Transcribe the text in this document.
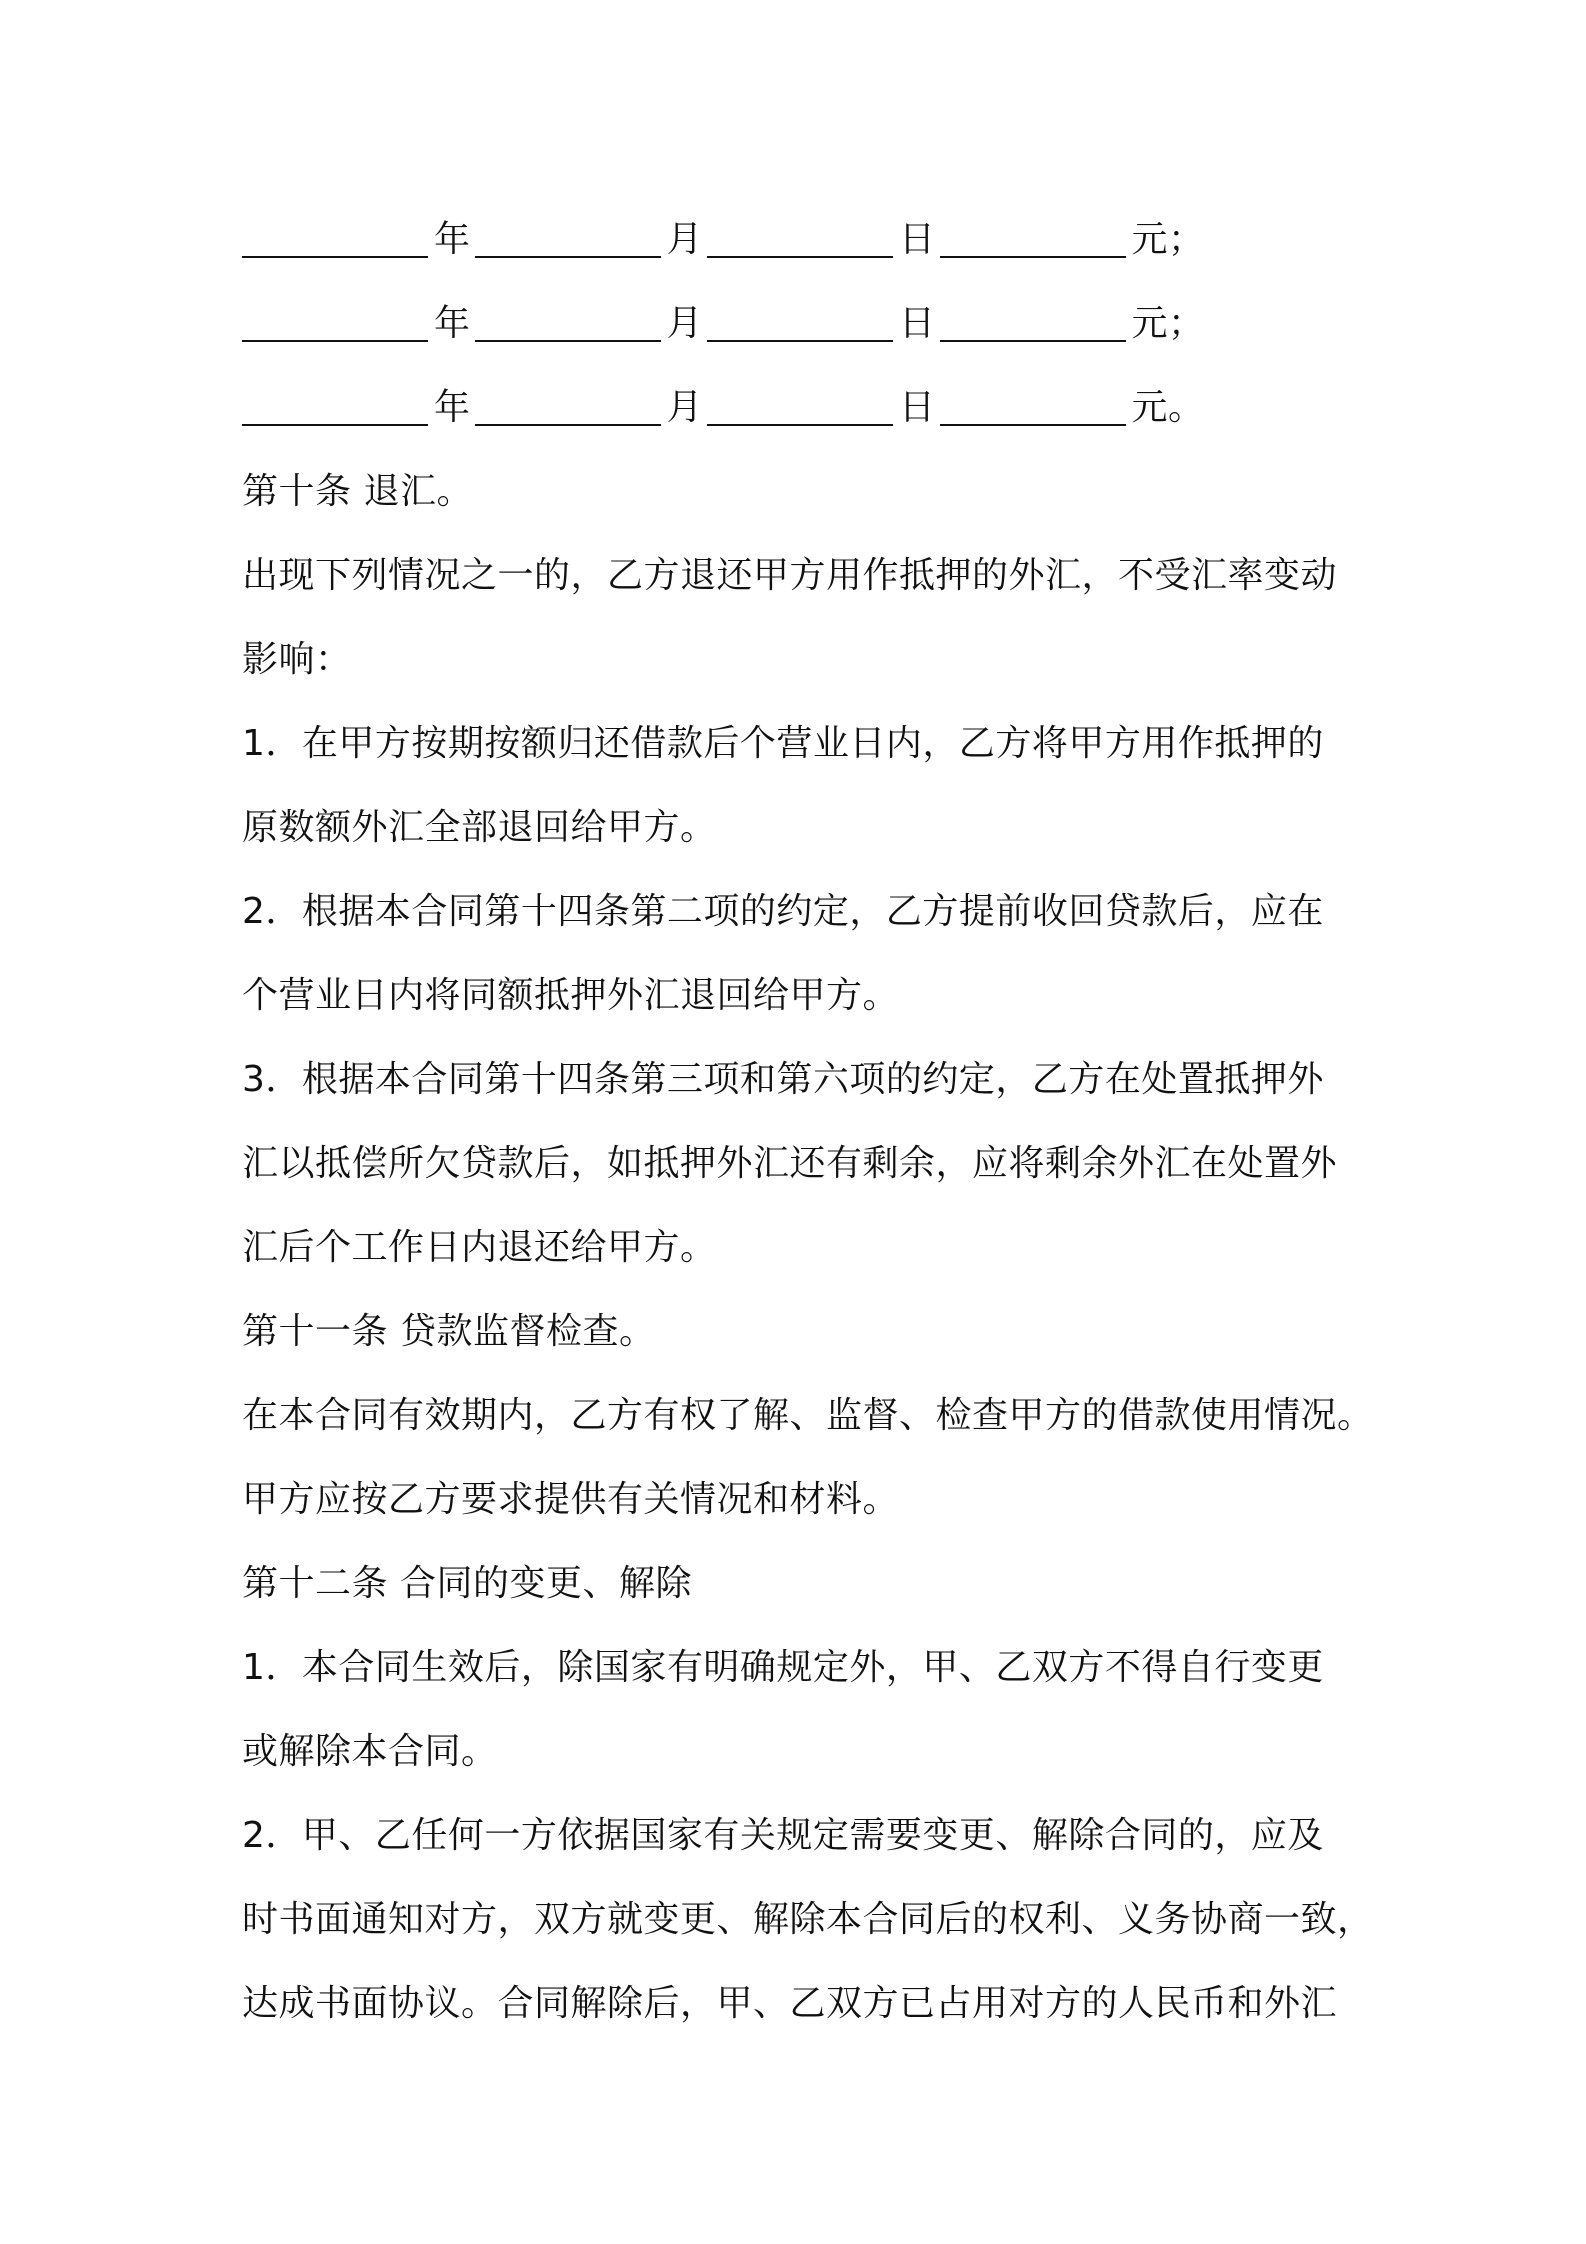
年	月	日	元；
年	月	日	元；
年	月	日	元。
第十条 退汇。
出现下列情况之一的，乙方退还甲方用作抵押的外汇，不受汇率变动
影响：
1．在甲方按期按额归还借款后个营业日内，乙方将甲方用作抵押的
原数额外汇全部退回给甲方。
2．根据本合同第十四条第二项的约定，乙方提前收回贷款后，应在
个营业日内将同额抵押外汇退回给甲方。
3．根据本合同第十四条第三项和第六项的约定，乙方在处置抵押外
汇以抵偿所欠贷款后，如抵押外汇还有剩余，应将剩余外汇在处置外
汇后个工作日内退还给甲方。
第十一条 贷款监督检查。
在本合同有效期内，乙方有权了解、监督、检查甲方的借款使用情况。
甲方应按乙方要求提供有关情况和材料。
第十二条 合同的变更、解除
1．本合同生效后，除国家有明确规定外，甲、乙双方不得自行变更
或解除本合同。
2．甲、乙任何一方依据国家有关规定需要变更、解除合同的，应及
时书面通知对方，双方就变更、解除本合同后的权利、义务协商一致，
达成书面协议。合同解除后，甲、乙双方已占用对方的人民币和外汇
